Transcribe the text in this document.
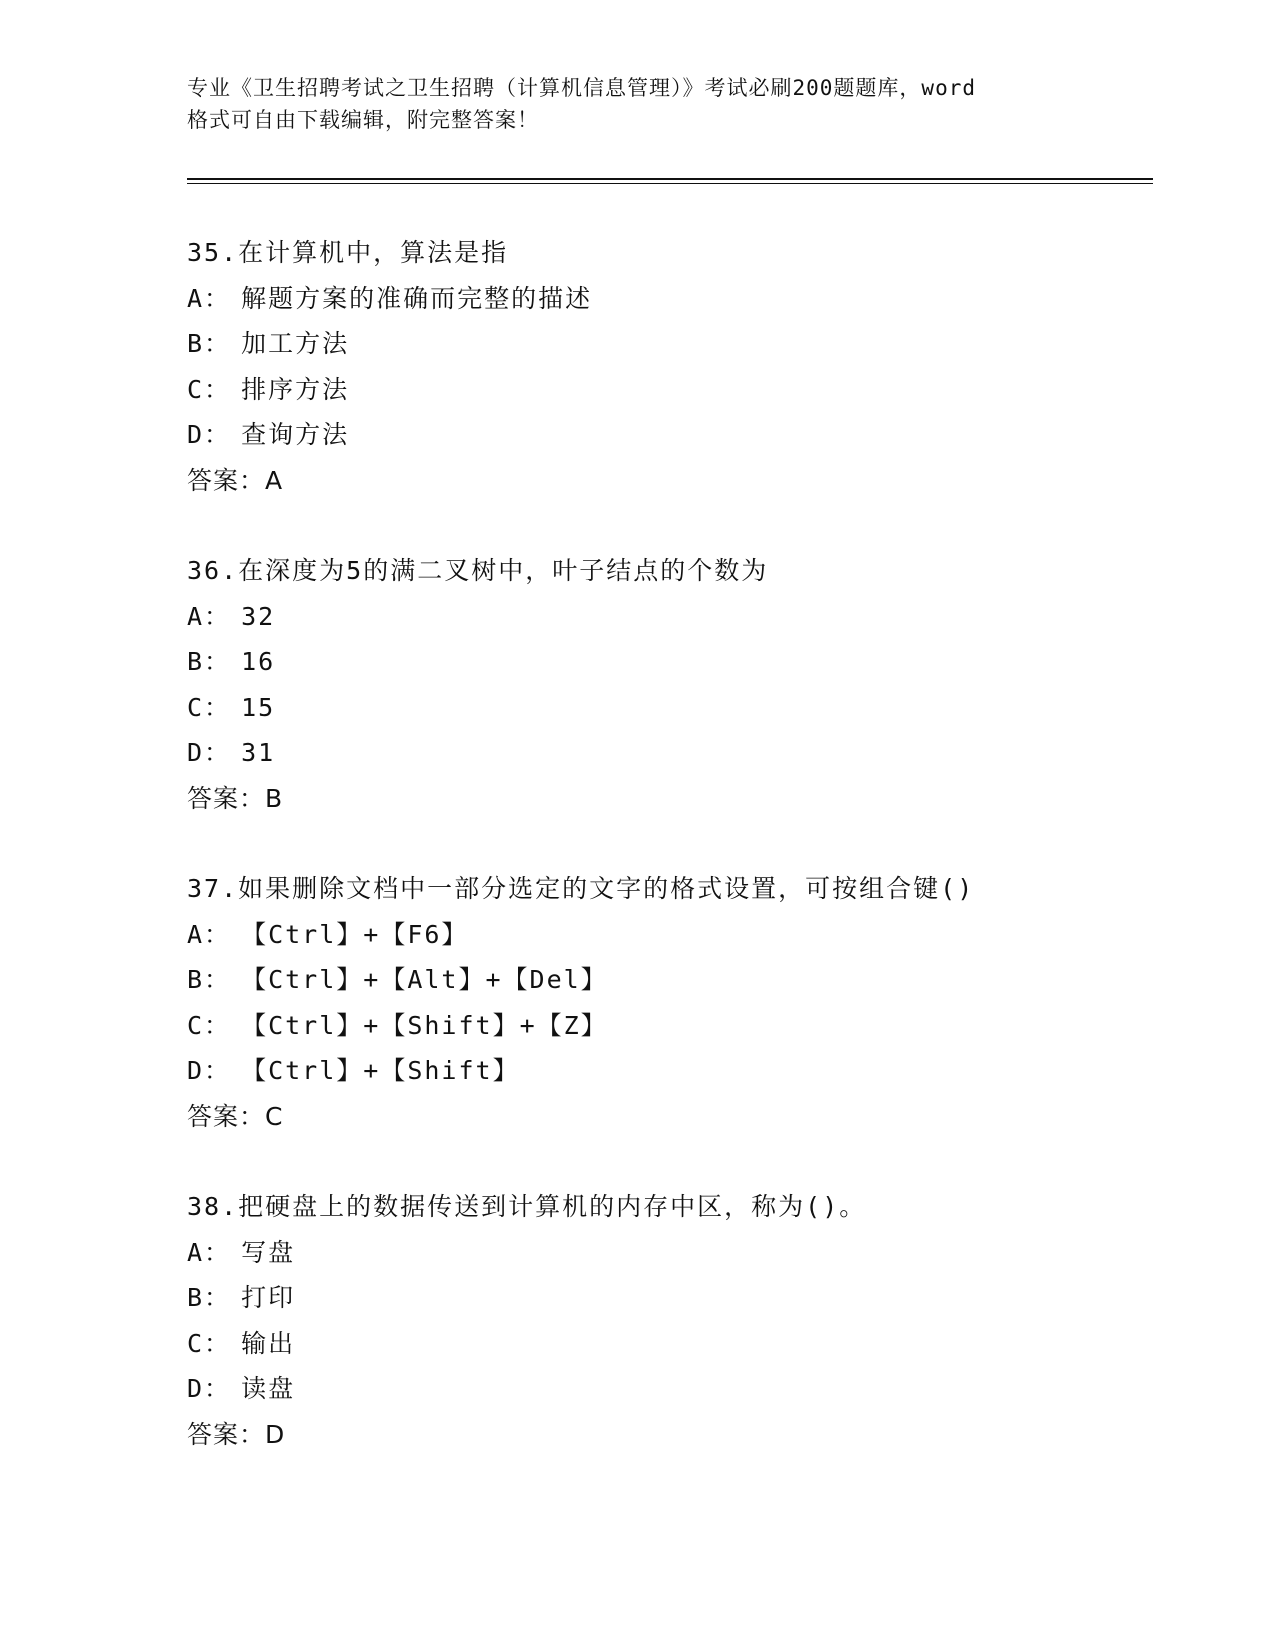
专业《卫生招聘考试之卫生招聘（计算机信息管理）》考试必刷200题题库，word
格式可自由下载编辑，附完整答案！
35.在计算机中，算法是指
A： 解题方案的准确而完整的描述
B： 加工方法
C： 排序方法
D： 查询方法
答案：A
36.在深度为5的满二叉树中，叶子结点的个数为
A： 32
B： 16
C： 15
D： 31
答案：B
37.如果删除文档中一部分选定的文字的格式设置，可按组合键()
A： 【Ctrl】+【F6】
B： 【Ctrl】+【Alt】+【Del】
C： 【Ctrl】+【Shift】+【Z】
D： 【Ctrl】+【Shift】
答案：C
38.把硬盘上的数据传送到计算机的内存中区，称为()。
A： 写盘
B： 打印
C： 输出
D： 读盘
答案：D
